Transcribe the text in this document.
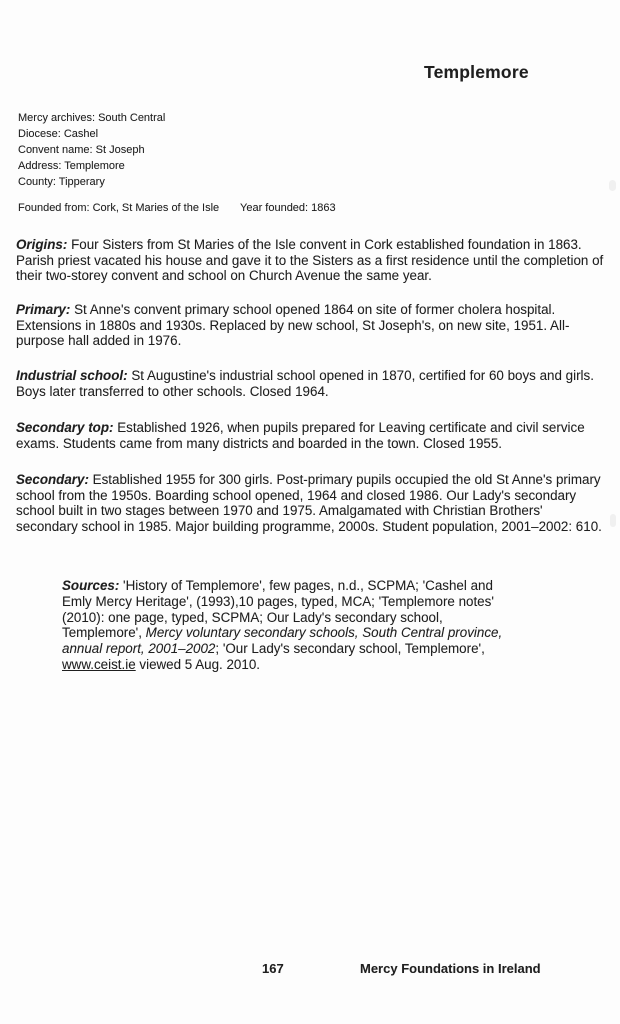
Templemore
Mercy archives: South Central
Diocese: Cashel
Convent name: St Joseph
Address: Templemore
County: Tipperary
Founded from: Cork, St Maries of the Isle Year founded: 1863

Origins: Four Sisters from St Maries of the Isle convent in Cork established foundation in 1863. Parish priest vacated his house and gave it to the Sisters as a first residence until the completion of their two-storey convent and school on Church Avenue the same year.

Primary: St Anne's convent primary school opened 1864 on site of former cholera hospital. Extensions in 1880s and 1930s. Replaced by new school, St Joseph's, on new site, 1951. All-purpose hall added in 1976.

Industrial school: St Augustine's industrial school opened in 1870, certified for 60 boys and girls. Boys later transferred to other schools. Closed 1964.

Secondary top: Established 1926, when pupils prepared for Leaving certificate and civil service exams. Students came from many districts and boarded in the town. Closed 1955.

Secondary: Established 1955 for 300 girls. Post-primary pupils occupied the old St Anne's primary school from the 1950s. Boarding school opened, 1964 and closed 1986. Our Lady's secondary school built in two stages between 1970 and 1975. Amalgamated with Christian Brothers' secondary school in 1985. Major building programme, 2000s. Student population, 2001–2002: 610.

Sources: 'History of Templemore', few pages, n.d., SCPMA; 'Cashel and Emly Mercy Heritage', (1993),10 pages, typed, MCA; 'Templemore notes' (2010): one page, typed, SCPMA; Our Lady's secondary school, Templemore', Mercy voluntary secondary schools, South Central province, annual report, 2001–2002; 'Our Lady's secondary school, Templemore', www.ceist.ie viewed 5 Aug. 2010.

167	Mercy Foundations in Ireland
